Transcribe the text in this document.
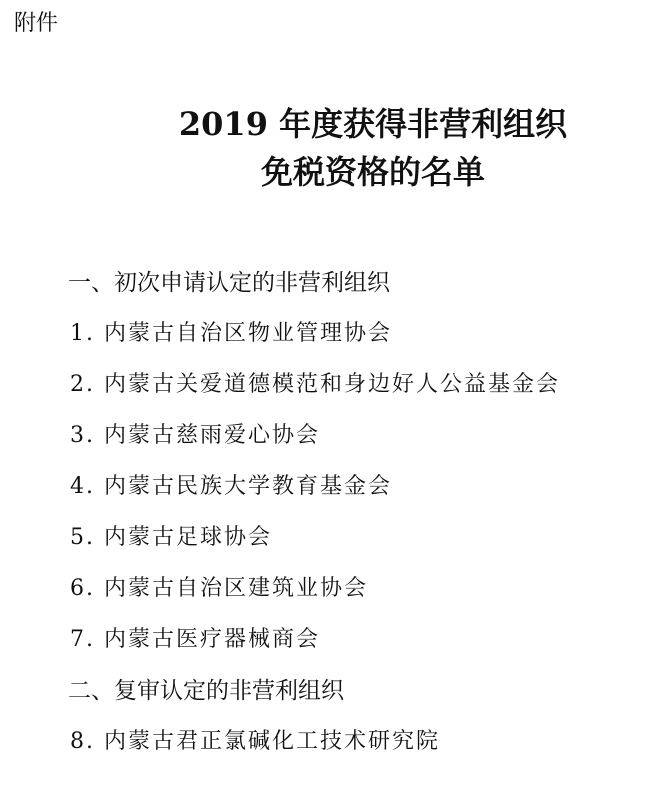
附件
2019 年度获得非营利组织
免税资格的名单
一、初次申请认定的非营利组织
1. 内蒙古自治区物业管理协会
2. 内蒙古关爱道德模范和身边好人公益基金会
3. 内蒙古慈雨爱心协会
4. 内蒙古民族大学教育基金会
5. 内蒙古足球协会
6. 内蒙古自治区建筑业协会
7. 内蒙古医疗器械商会
二、复审认定的非营利组织
8. 内蒙古君正氯碱化工技术研究院
